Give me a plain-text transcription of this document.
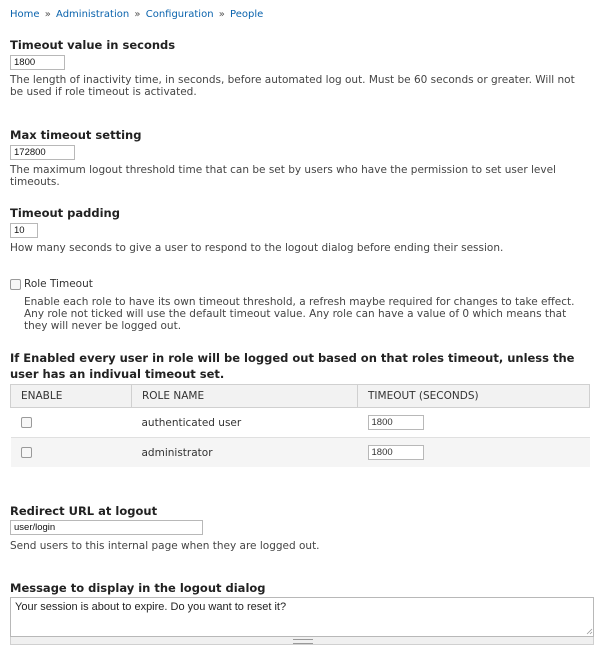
Home » Administration » Configuration » People
Timeout value in seconds
1800
The length of inactivity time, in seconds, before automated log out. Must be 60 seconds or greater. Will not be used if role timeout is activated.
Max timeout setting
172800
The maximum logout threshold time that can be set by users who have the permission to set user level timeouts.
Timeout padding
10
How many seconds to give a user to respond to the logout dialog before ending their session.
Role Timeout
Enable each role to have its own timeout threshold, a refresh maybe required for changes to take effect. Any role not ticked will use the default timeout value. Any role can have a value of 0 which means that they will never be logged out.
If Enabled every user in role will be logged out based on that roles timeout, unless the user has an indivual timeout set.
ENABLE	ROLE NAME	TIMEOUT (SECONDS)
	authenticated user	1800
	administrator	1800
Redirect URL at logout
user/login
Send users to this internal page when they are logged out.
Message to display in the logout dialog
Your session is about to expire. Do you want to reset it?
